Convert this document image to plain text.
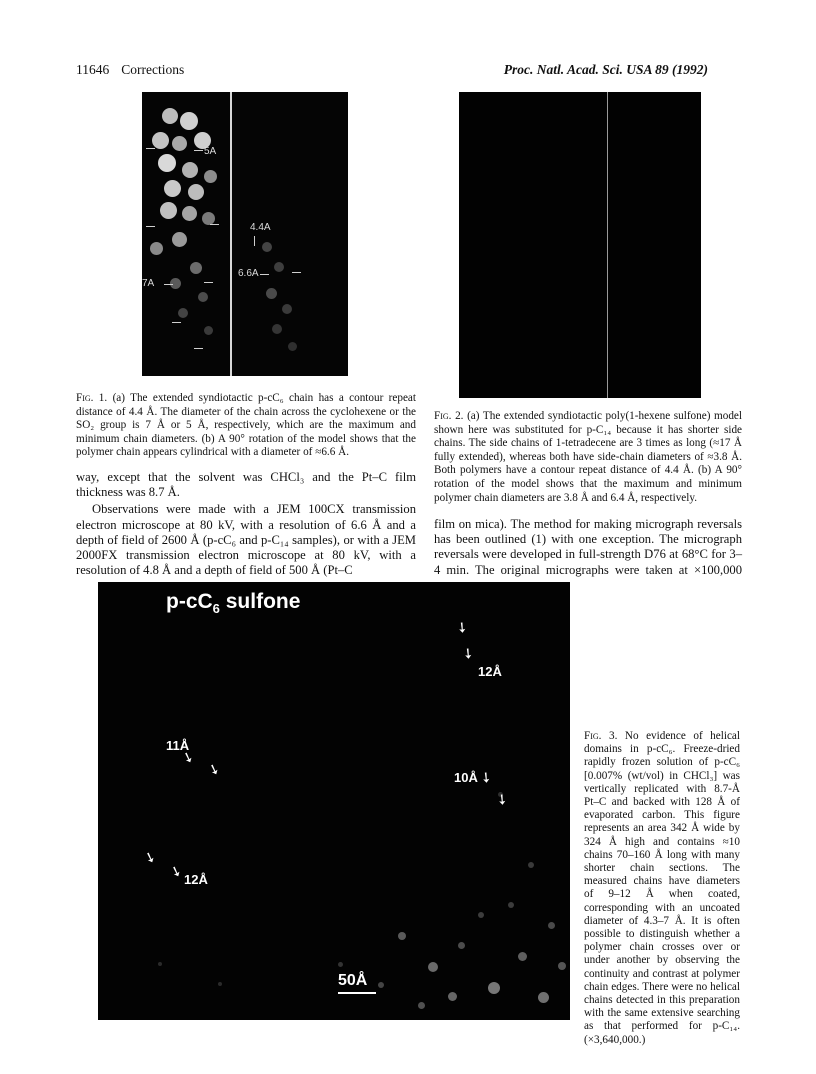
11646 Corrections	Proc. Natl. Acad. Sci. USA 89 (1992)
5A
7A
4.4A
6.6A
Fig. 1. (a) The extended syndiotactic p-cC₆ chain has a contour repeat distance of 4.4 Å. The diameter of the chain across the cyclohexene or the SO₂ group is 7 Å or 5 Å, respectively, which are the maximum and minimum chain diameters. (b) A 90° rotation of the model shows that the polymer chain appears cylindrical with a diameter of ≈6.6 Å.
Fig. 2. (a) The extended syndiotactic poly(1-hexene sulfone) model shown here was substituted for p-C₁₄ because it has shorter side chains. The side chains of 1-tetradecene are 3 times as long (≈17 Å fully extended), whereas both have side-chain diameters of ≈3.8 Å. Both polymers have a contour repeat distance of 4.4 Å. (b) A 90° rotation of the model shows that the maximum and minimum polymer chain diameters are 3.8 Å and 6.4 Å, respectively.
way, except that the solvent was CHCl₃ and the Pt–C film thickness was 8.7 Å.
Observations were made with a JEM 100CX transmission electron microscope at 80 kV, with a resolution of 6.6 Å and a depth of field of 2600 Å (p-cC₆ and p-C₁₄ samples), or with a JEM 2000FX transmission electron microscope at 80 kV, with a resolution of 4.8 Å and a depth of field of 500 Å (Pt–C
film on mica). The method for making micrograph reversals has been outlined (1) with one exception. The micrograph reversals were developed in full-strength D76 at 68°C for 3–4 min. The original micrographs were taken at ×100,000
$p-cC_6$ sulfone
➘
➘
12Å
11Å
➘
➘	10Å
➘
➘
➘
➘ 12Å
50Å
Fig. 3. No evidence of helical domains in p-cC₆. Freeze-dried rapidly frozen solution of p-cC₆ [0.007% (wt/vol) in CHCl₃] was vertically replicated with 8.7-Å Pt–C and backed with 128 Å of evaporated carbon. This figure represents an area 342 Å wide by 324 Å high and contains ≈10 chains 70–160 Å long with many shorter chain sections. The measured chains have diameters of 9–12 Å when coated, corresponding with an uncoated diameter of 4.3–7 Å. It is often possible to distinguish whether a polymer chain crosses over or under another by observing the continuity and contrast at polymer chain edges. There were no helical chains detected in this preparation with the same extensive searching as that performed for p-C₁₄. (×3,640,000.)
